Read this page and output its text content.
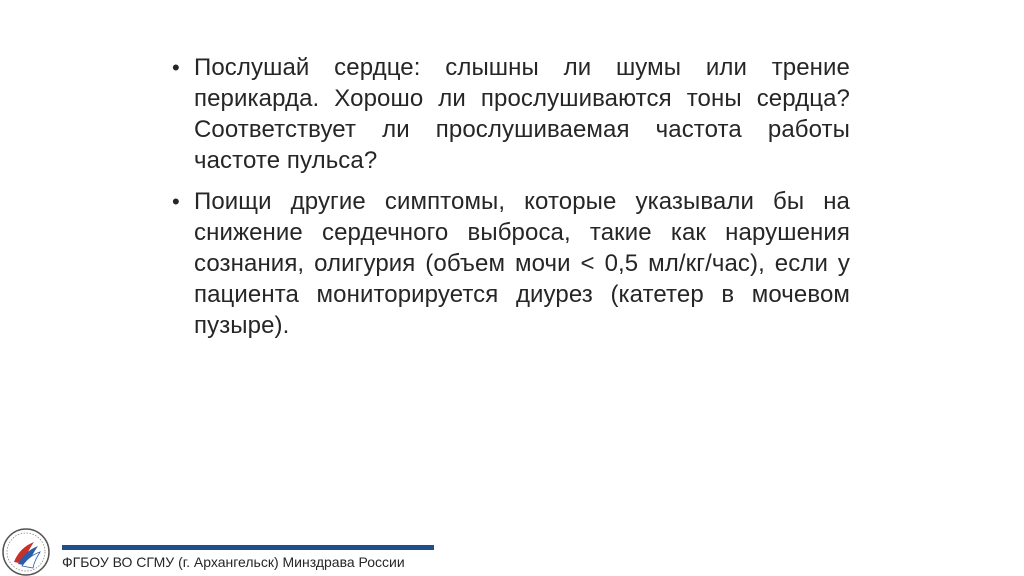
• Послушай сердце: слышны ли шумы или трение перикарда. Хорошо ли прослушиваются тоны сердца? Соответствует ли прослушиваемая частота работы частоте пульса?
• Поищи другие симптомы, которые указывали бы на снижение сердечного выброса, такие как нарушения сознания, олигурия (объем мочи < 0,5 мл/кг/час), если у пациента мониторируется диурез (катетер в мочевом пузыре).
ФГБОУ ВО СГМУ (г. Архангельск) Минздрава России
